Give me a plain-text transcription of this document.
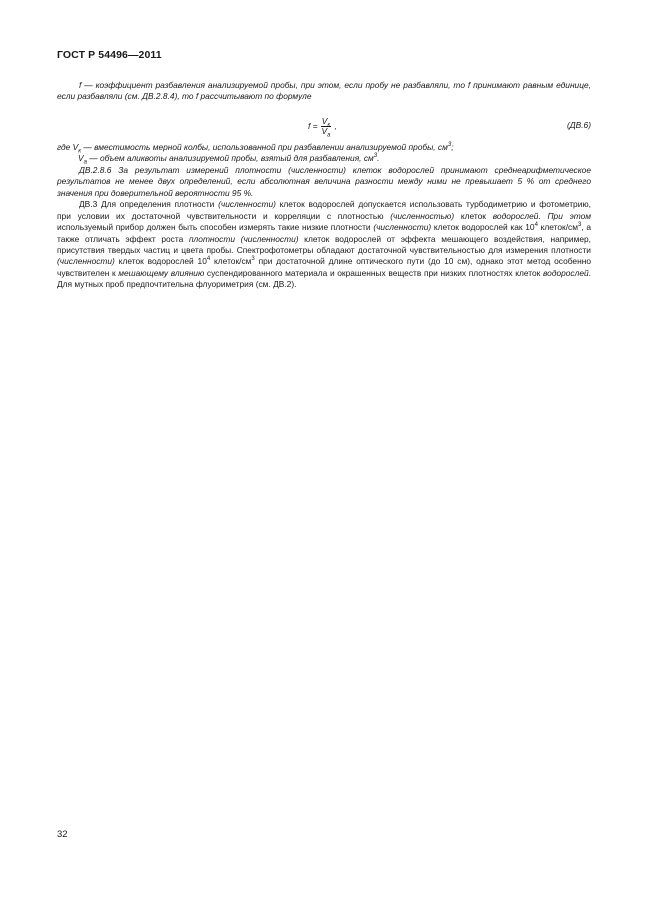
ГОСТ Р 54496—2011

f — коэффициент разбавления анализируемой пробы, при этом, если пробу не разбавляли, то f принимают равным единице, если разбавляли (см. ДВ.2.8.4), то f рассчитывают по формуле

$f = \frac{V_к}{V_а}$ ,	(ДВ.6)

где $V_к$ — вместимость мерной колбы, использованной при разбавлении анализируемой пробы, $см^3$;

$V_а$ — объем аликвоты анализируемой пробы, взятый для разбавления, $см^3$.

ДВ.2.8.6 За результат измерений плотности (численности) клеток водорослей принимают среднеарифметическое результатов не менее двух определений, если абсолютная величина разности между ними не превышает 5 % от среднего значения при доверительной вероятности 95 %.

ДВ.3 Для определения плотности (численности) клеток водорослей допускается использовать турбодиметрию и фотометрию, при условии их достаточной чувствительности и корреляции с плотностью (численностью) клеток водорослей. При этом используемый прибор должен быть способен измерять такие низкие плотности (численности) клеток водорослей как $10^4$ клеток/$см^3$, а также отличать эффект роста плотности (численности) клеток водорослей от эффекта мешающего воздействия, например, присутствия твердых частиц и цвета пробы. Спектрофотометры обладают достаточной чувствительностью для измерения плотности (численности) клеток водорослей $10^4$ клеток/$см^3$ при достаточной длине оптического пути (до 10 см), однако этот метод особенно чувствителен к мешающему влиянию суспендированного материала и окрашенных веществ при низких плотностях клеток водорослей. Для мутных проб предпочтительна флуориметрия (см. ДВ.2).

32
